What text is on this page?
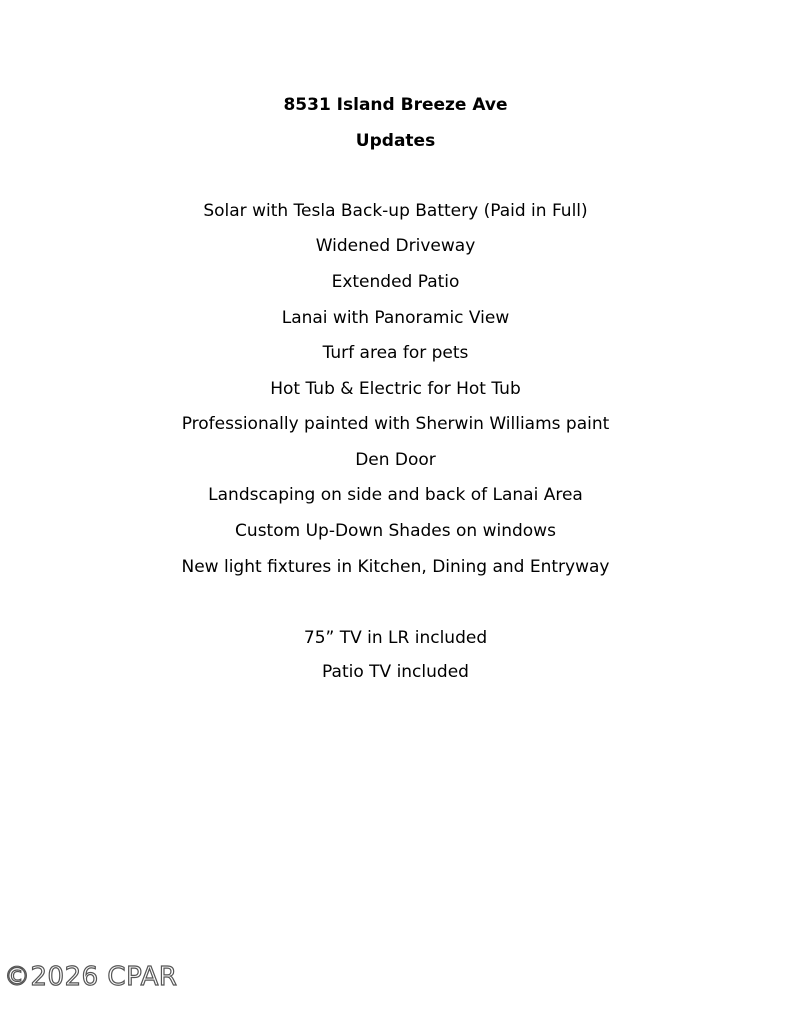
8531 Island Breeze Ave
Updates
Solar with Tesla Back-up Battery (Paid in Full)
Widened Driveway
Extended Patio
Lanai with Panoramic View
Turf area for pets
Hot Tub & Electric for Hot Tub
Professionally painted with Sherwin Williams paint
Den Door
Landscaping on side and back of Lanai Area
Custom Up-Down Shades on windows
New light fixtures in Kitchen, Dining and Entryway
75” TV in LR included
Patio TV included
©2026 CPAR
